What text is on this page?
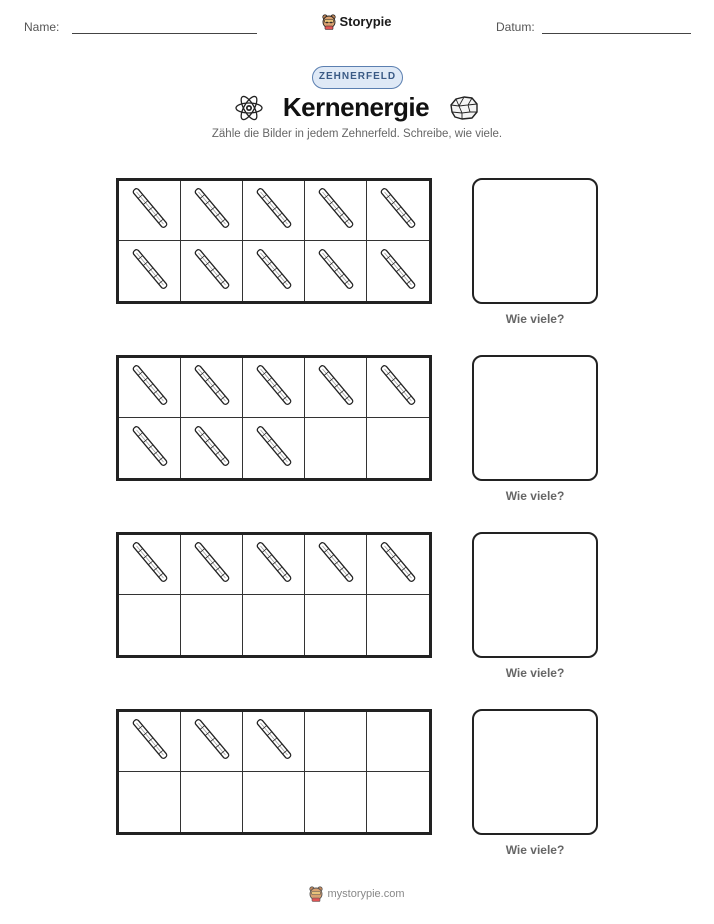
Name:	Storypie	Datum:
ZEHNERFELD
Kernenergie
Zähle die Bilder in jedem Zehnerfeld. Schreibe, wie viele.
Wie viele?
Wie viele?
Wie viele?
Wie viele?
mystorypie.com
